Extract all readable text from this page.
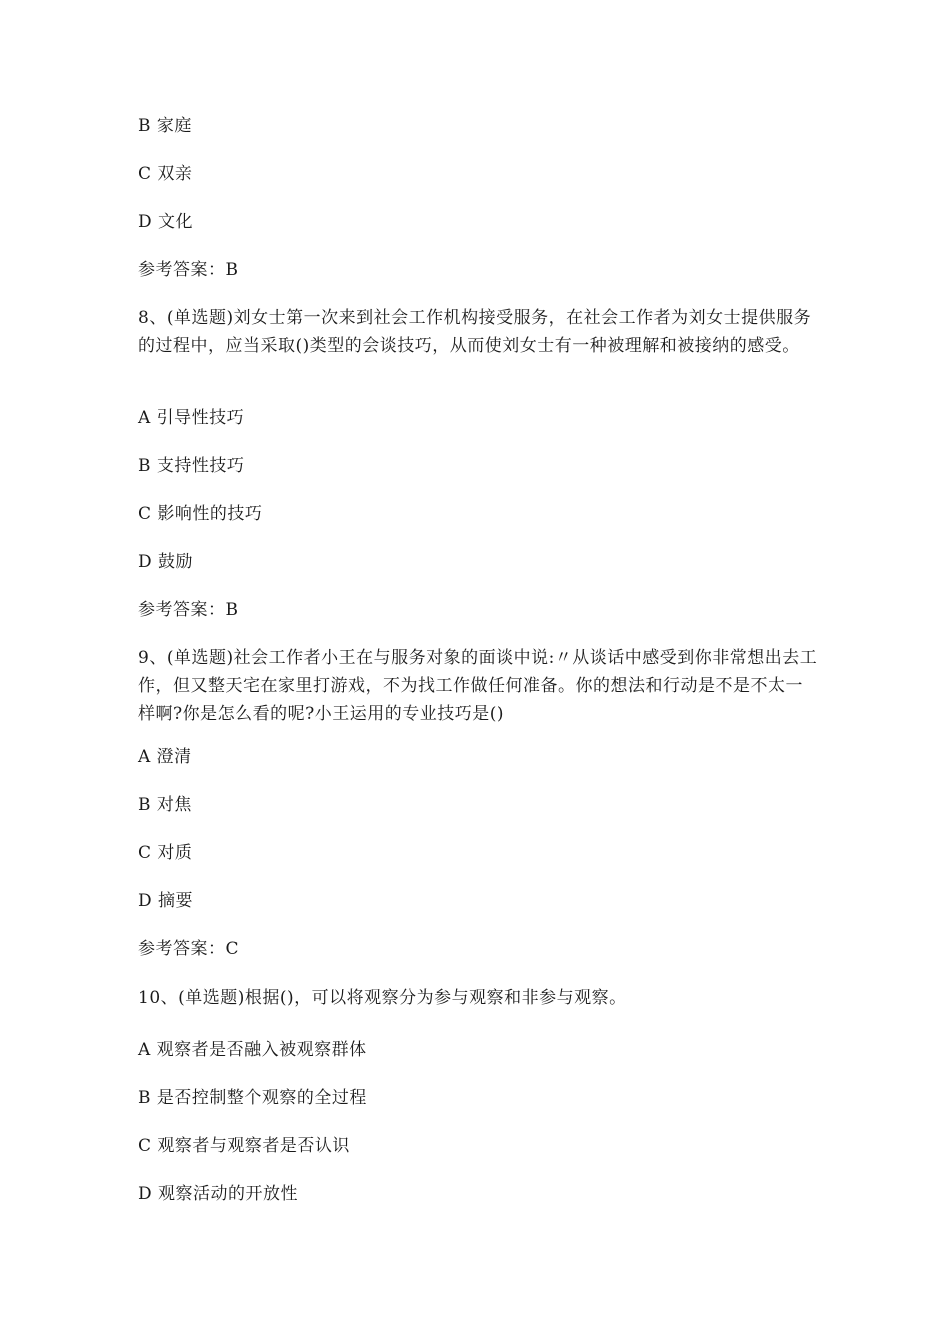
B 家庭
C 双亲
D 文化
参考答案：B
8、(单选题)刘女士第一次来到社会工作机构接受服务，在社会工作者为刘女士提供服务的过程中，应当采取()类型的会谈技巧，从而使刘女士有一种被理解和被接纳的感受。
A 引导性技巧
B 支持性技巧
C 影响性的技巧
D 鼓励
参考答案：B
9、(单选题)社会工作者小王在与服务对象的面谈中说:〃从谈话中感受到你非常想出去工作，但又整天宅在家里打游戏，不为找工作做任何准备。你的想法和行动是不是不太一样啊?你是怎么看的呢?小王运用的专业技巧是()
A 澄清
B 对焦
C 对质
D 摘要
参考答案：C
10、(单选题)根据()，可以将观察分为参与观察和非参与观察。
A 观察者是否融入被观察群体
B 是否控制整个观察的全过程
C 观察者与观察者是否认识
D 观察活动的开放性
